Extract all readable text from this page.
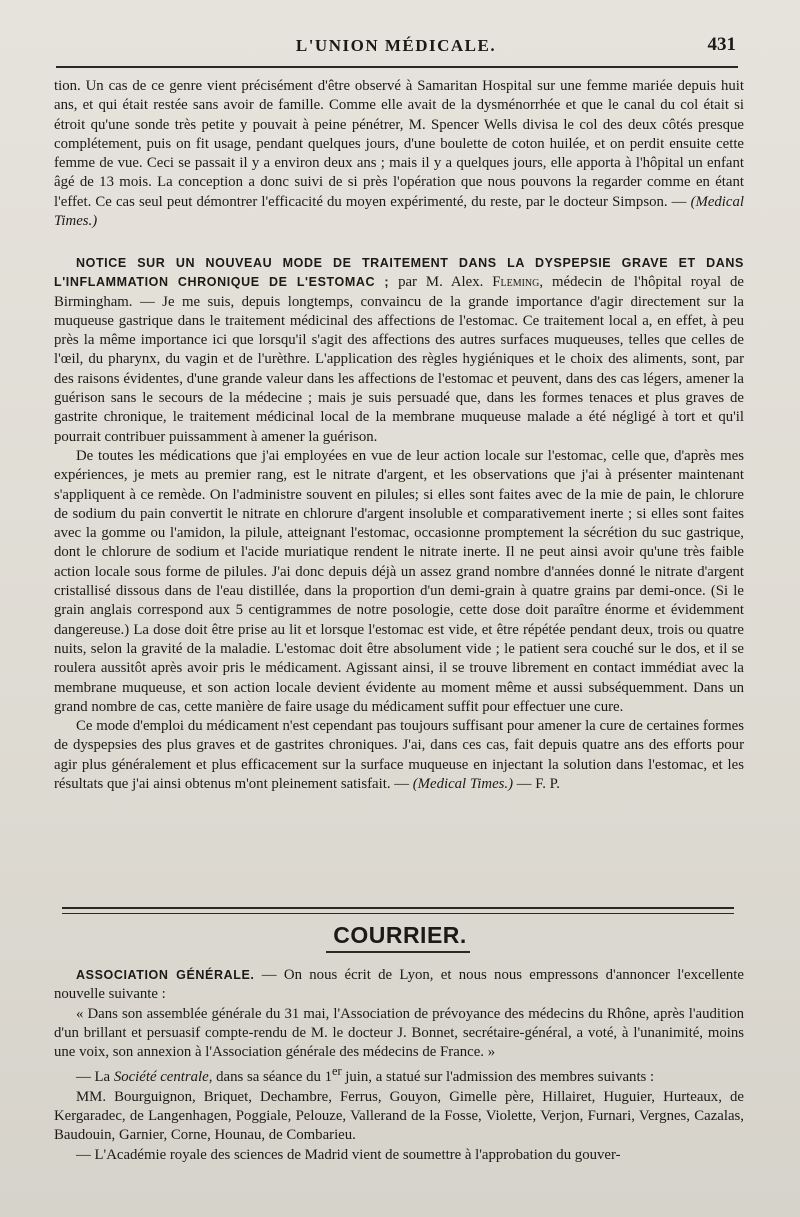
L'UNION MÉDICALE.	431

tion. Un cas de ce genre vient précisément d'être observé à Samaritan Hospital sur une femme mariée depuis huit ans, et qui était restée sans avoir de famille. Comme elle avait de la dysménorrhée et que le canal du col était si étroit qu'une sonde très petite y pouvait à peine pénétrer, M. Spencer Wells divisa le col des deux côtés presque complétement, puis on fit usage, pendant quelques jours, d'une boulette de coton huilée, et on perdit ensuite cette femme de vue. Ceci se passait il y a environ deux ans ; mais il y a quelques jours, elle apporta à l'hôpital un enfant âgé de 13 mois. La conception a donc suivi de si près l'opération que nous pouvons la regarder comme en étant l'effet. Ce cas seul peut démontrer l'efficacité du moyen expérimenté, du reste, par le docteur Simpson. — (Medical Times.)

NOTICE SUR UN NOUVEAU MODE DE TRAITEMENT DANS LA DYSPEPSIE GRAVE ET DANS L'INFLAMMATION CHRONIQUE DE L'ESTOMAC ; par M. Alex. Fleming, médecin de l'hôpital royal de Birmingham. — Je me suis, depuis longtemps, convaincu de la grande importance d'agir directement sur la muqueuse gastrique dans le traitement médicinal des affections de l'estomac. Ce traitement local a, en effet, à peu près la même importance ici que lorsqu'il s'agit des affections des autres surfaces muqueuses, telles que celles de l'œil, du pharynx, du vagin et de l'urèthre. L'application des règles hygiéniques et le choix des aliments, sont, par des raisons évidentes, d'une grande valeur dans les affections de l'estomac et peuvent, dans des cas légers, amener la guérison sans le secours de la médecine ; mais je suis persuadé que, dans les formes tenaces et plus graves de gastrite chronique, le traitement médicinal local de la membrane muqueuse malade a été négligé à tort et qu'il pourrait contribuer puissamment à amener la guérison.

De toutes les médications que j'ai employées en vue de leur action locale sur l'estomac, celle que, d'après mes expériences, je mets au premier rang, est le nitrate d'argent, et les observations que j'ai à présenter maintenant s'appliquent à ce remède. On l'administre souvent en pilules; si elles sont faites avec de la mie de pain, le chlorure de sodium du pain convertit le nitrate en chlorure d'argent insoluble et comparativement inerte ; si elles sont faites avec la gomme ou l'amidon, la pilule, atteignant l'estomac, occasionne promptement la sécrétion du suc gastrique, dont le chlorure de sodium et l'acide muriatique rendent le nitrate inerte. Il ne peut ainsi avoir qu'une très faible action locale sous forme de pilules. J'ai donc depuis déjà un assez grand nombre d'années donné le nitrate d'argent cristallisé dissous dans de l'eau distillée, dans la proportion d'un demi-grain à quatre grains par demi-once. (Si le grain anglais correspond aux 5 centigrammes de notre posologie, cette dose doit paraître énorme et évidemment dangereuse.) La dose doit être prise au lit et lorsque l'estomac est vide, et être répétée pendant deux, trois ou quatre nuits, selon la gravité de la maladie. L'estomac doit être absolument vide ; le patient sera couché sur le dos, et il se roulera aussitôt après avoir pris le médicament. Agissant ainsi, il se trouve librement en contact immédiat avec la membrane muqueuse, et son action locale devient évidente au moment même et aussi subséquemment. Dans un grand nombre de cas, cette manière de faire usage du médicament suffit pour effectuer une cure.

Ce mode d'emploi du médicament n'est cependant pas toujours suffisant pour amener la cure de certaines formes de dyspepsies des plus graves et de gastrites chroniques. J'ai, dans ces cas, fait depuis quatre ans des efforts pour agir plus généralement et plus efficacement sur la surface muqueuse en injectant la solution dans l'estomac, et les résultats que j'ai ainsi obtenus m'ont pleinement satisfait. — (Medical Times.) — F. P.

COURRIER.

ASSOCIATION GÉNÉRALE. — On nous écrit de Lyon, et nous nous empressons d'annoncer l'excellente nouvelle suivante :

« Dans son assemblée générale du 31 mai, l'Association de prévoyance des médecins du Rhône, après l'audition d'un brillant et persuasif compte-rendu de M. le docteur J. Bonnet, secrétaire-général, a voté, à l'unanimité, moins une voix, son annexion à l'Association générale des médecins de France. »

— La Société centrale, dans sa séance du 1er juin, a statué sur l'admission des membres suivants :

MM. Bourguignon, Briquet, Dechambre, Ferrus, Gouyon, Gimelle père, Hillairet, Huguier, Hurteaux, de Kergaradec, de Langenhagen, Poggiale, Pelouze, Vallerand de la Fosse, Violette, Verjon, Furnari, Vergnes, Cazalas, Baudouin, Garnier, Corne, Hounau, de Combarieu.

— L'Académie royale des sciences de Madrid vient de soumettre à l'approbation du gouver-
